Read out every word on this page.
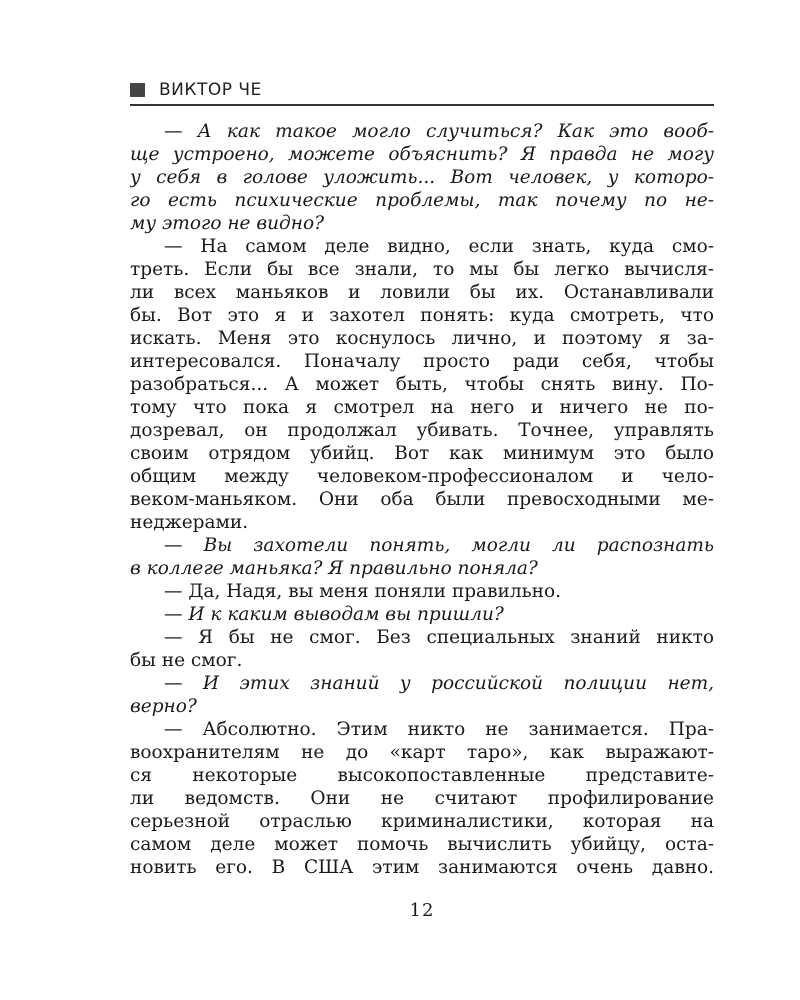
ВИКТОР ЧЕ
— А как такое могло случиться? Как это вооб-
ще устроено, можете объяснить? Я правда не могу
у себя в голове уложить... Вот человек, у которо-
го есть психические проблемы, так почему по не-
му этого не видно?
— На самом деле видно, если знать, куда смо-
треть. Если бы все знали, то мы бы легко вычисля-
ли всех маньяков и ловили бы их. Останавливали
бы. Вот это я и захотел понять: куда смотреть, что
искать. Меня это коснулось лично, и поэтому я за-
интересовался. Поначалу просто ради себя, чтобы
разобраться... А может быть, чтобы снять вину. По-
тому что пока я смотрел на него и ничего не по-
дозревал, он продолжал убивать. Точнее, управлять
своим отрядом убийц. Вот как минимум это было
общим между человеком-профессионалом и чело-
веком-маньяком. Они оба были превосходными ме-
неджерами.
— Вы захотели понять, могли ли распознать
в коллеге маньяка? Я правильно поняла?
— Да, Надя, вы меня поняли правильно.
— И к каким выводам вы пришли?
— Я бы не смог. Без специальных знаний никто
бы не смог.
— И этих знаний у российской полиции нет,
верно?
— Абсолютно. Этим никто не занимается. Пра-
воохранителям не до «карт таро», как выражают-
ся некоторые высокопоставленные представите-
ли ведомств. Они не считают профилирование
серьезной отраслью криминалистики, которая на
самом деле может помочь вычислить убийцу, оста-
новить его. В США этим занимаются очень давно.
12
